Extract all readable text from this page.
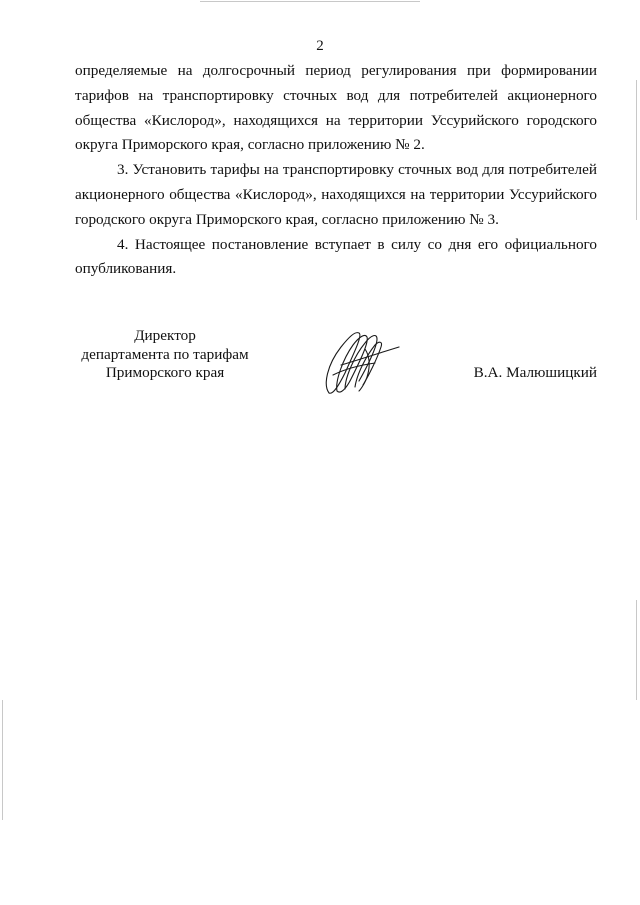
2

определяемые на долгосрочный период регулирования при формировании тарифов на транспортировку сточных вод для потребителей акционерного общества «Кислород», находящихся на территории Уссурийского городского округа Приморского края, согласно приложению № 2.

3. Установить тарифы на транспортировку сточных вод для потребителей акционерного общества «Кислород», находящихся на территории Уссурийского городского округа Приморского края, согласно приложению № 3.

4. Настоящее постановление вступает в силу со дня его официального опубликования.

Директор
департамента по тарифам
Приморского края	В.А. Малюшицкий
